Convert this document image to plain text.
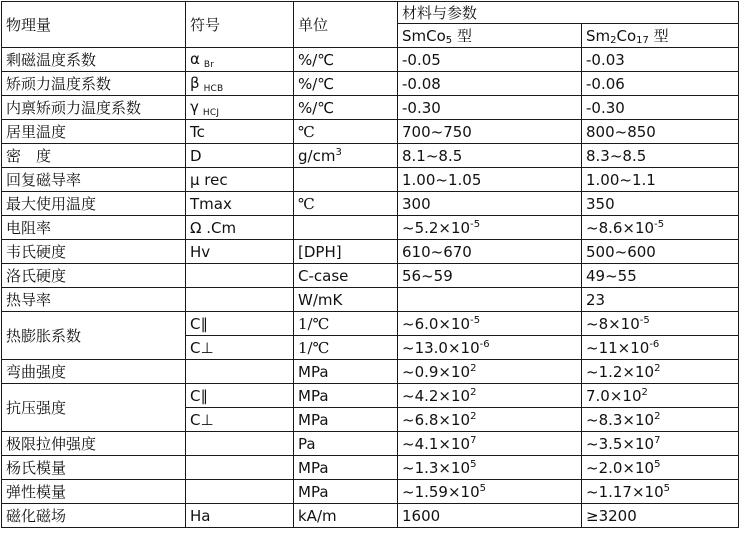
物理量	符号	单位	材料与参数	
			SmCo$_5$ 型	$Sm_2Co_{17}$ 型
剩磁温度系数	α $_{Br}$	%/℃	-0.05	-0.03
矫顽力温度系数	β $_{HCB}$	%/℃	-0.08	-0.06
内禀矫顽力温度系数	γ $_{HCJ}$	%/℃	-0.30	-0.30
居里温度	Tc	℃	700~750	800~850
密　度	D	$g/cm^3$	8.1~8.5	8.3~8.5
回复磁导率	μ rec		1.00~1.05	1.00~1.1
最大使用温度	Tmax	℃	300	350
电阻率	Ω .Cm		$\sim 5.2\times 10^{-5}$	$\sim 8.6\times 10^{-5}$
韦氏硬度	Hv	[DPH]	610~670	500~600
洛氏硬度		C-case	56~59	49~55
热导率		W/mK		23
热膨胀系数	C∥	1/℃	$\sim 6.0\times 10^{-5}$	$\sim 8\times 10^{-5}$
	C⊥	1/℃	$\sim 13.0\times 10^{-6}$	$\sim 11\times 10^{-6}$
弯曲强度		MPa	$\sim 0.9\times 10^2$	$\sim 1.2\times 10^2$
抗压强度	C∥	MPa	$\sim 4.2\times 10^2$	$7.0\times 10^2$
	C⊥	MPa	$\sim 6.8\times 10^2$	$\sim 8.3\times 10^2$
极限拉伸强度		Pa	$\sim 4.1\times 10^7$	$\sim 3.5\times 10^7$
杨氏模量		MPa	$\sim 1.3\times 10^5$	$\sim 2.0\times 10^5$
弹性模量		MPa	$\sim 1.59\times 10^5$	$\sim 1.17\times 10^5$
磁化磁场	Ha	kA/m	1600	≥3200
